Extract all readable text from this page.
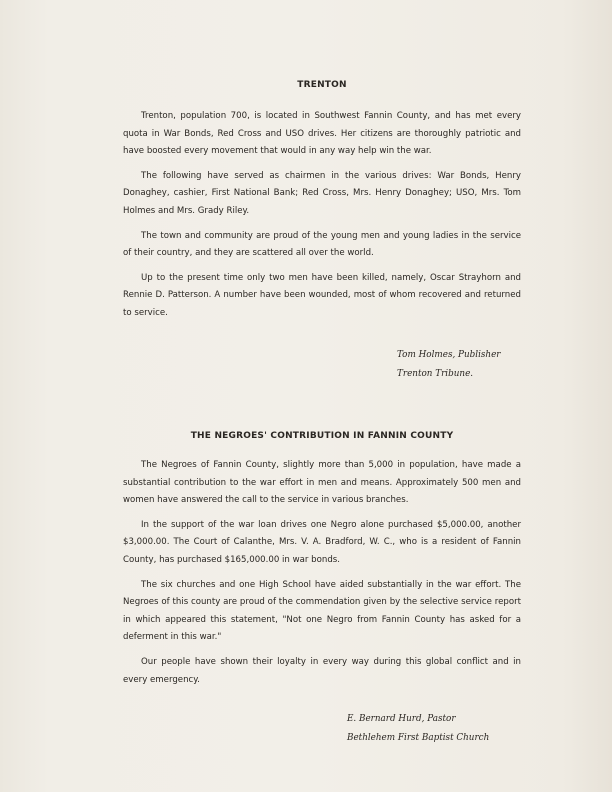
TRENTON

Trenton, population 700, is located in Southwest Fannin County, and has met every quota in War Bonds, Red Cross and USO drives. Her citizens are thoroughly patriotic and have boosted every movement that would in any way help win the war.

The following have served as chairmen in the various drives: War Bonds, Henry Donaghey, cashier, First National Bank; Red Cross, Mrs. Henry Donaghey; USO, Mrs. Tom Holmes and Mrs. Grady Riley.

The town and community are proud of the young men and young ladies in the service of their country, and they are scattered all over the world.

Up to the present time only two men have been killed, namely, Oscar Strayhorn and Rennie D. Patterson. A number have been wounded, most of whom recovered and returned to service.

Tom Holmes, Publisher
Trenton Tribune.
THE NEGROES' CONTRIBUTION IN FANNIN COUNTY

The Negroes of Fannin County, slightly more than 5,000 in population, have made a substantial contribution to the war effort in men and means. Approximately 500 men and women have answered the call to the service in various branches.

In the support of the war loan drives one Negro alone purchased $5,000.00, another $3,000.00. The Court of Calanthe, Mrs. V. A. Bradford, W. C., who is a resident of Fannin County, has purchased $165,000.00 in war bonds.

The six churches and one High School have aided substantially in the war effort. The Negroes of this county are proud of the commendation given by the selective service report in which appeared this statement, "Not one Negro from Fannin County has asked for a deferment in this war."

Our people have shown their loyalty in every way during this global conflict and in every emergency.

E. Bernard Hurd, Pastor
Bethlehem First Baptist Church
